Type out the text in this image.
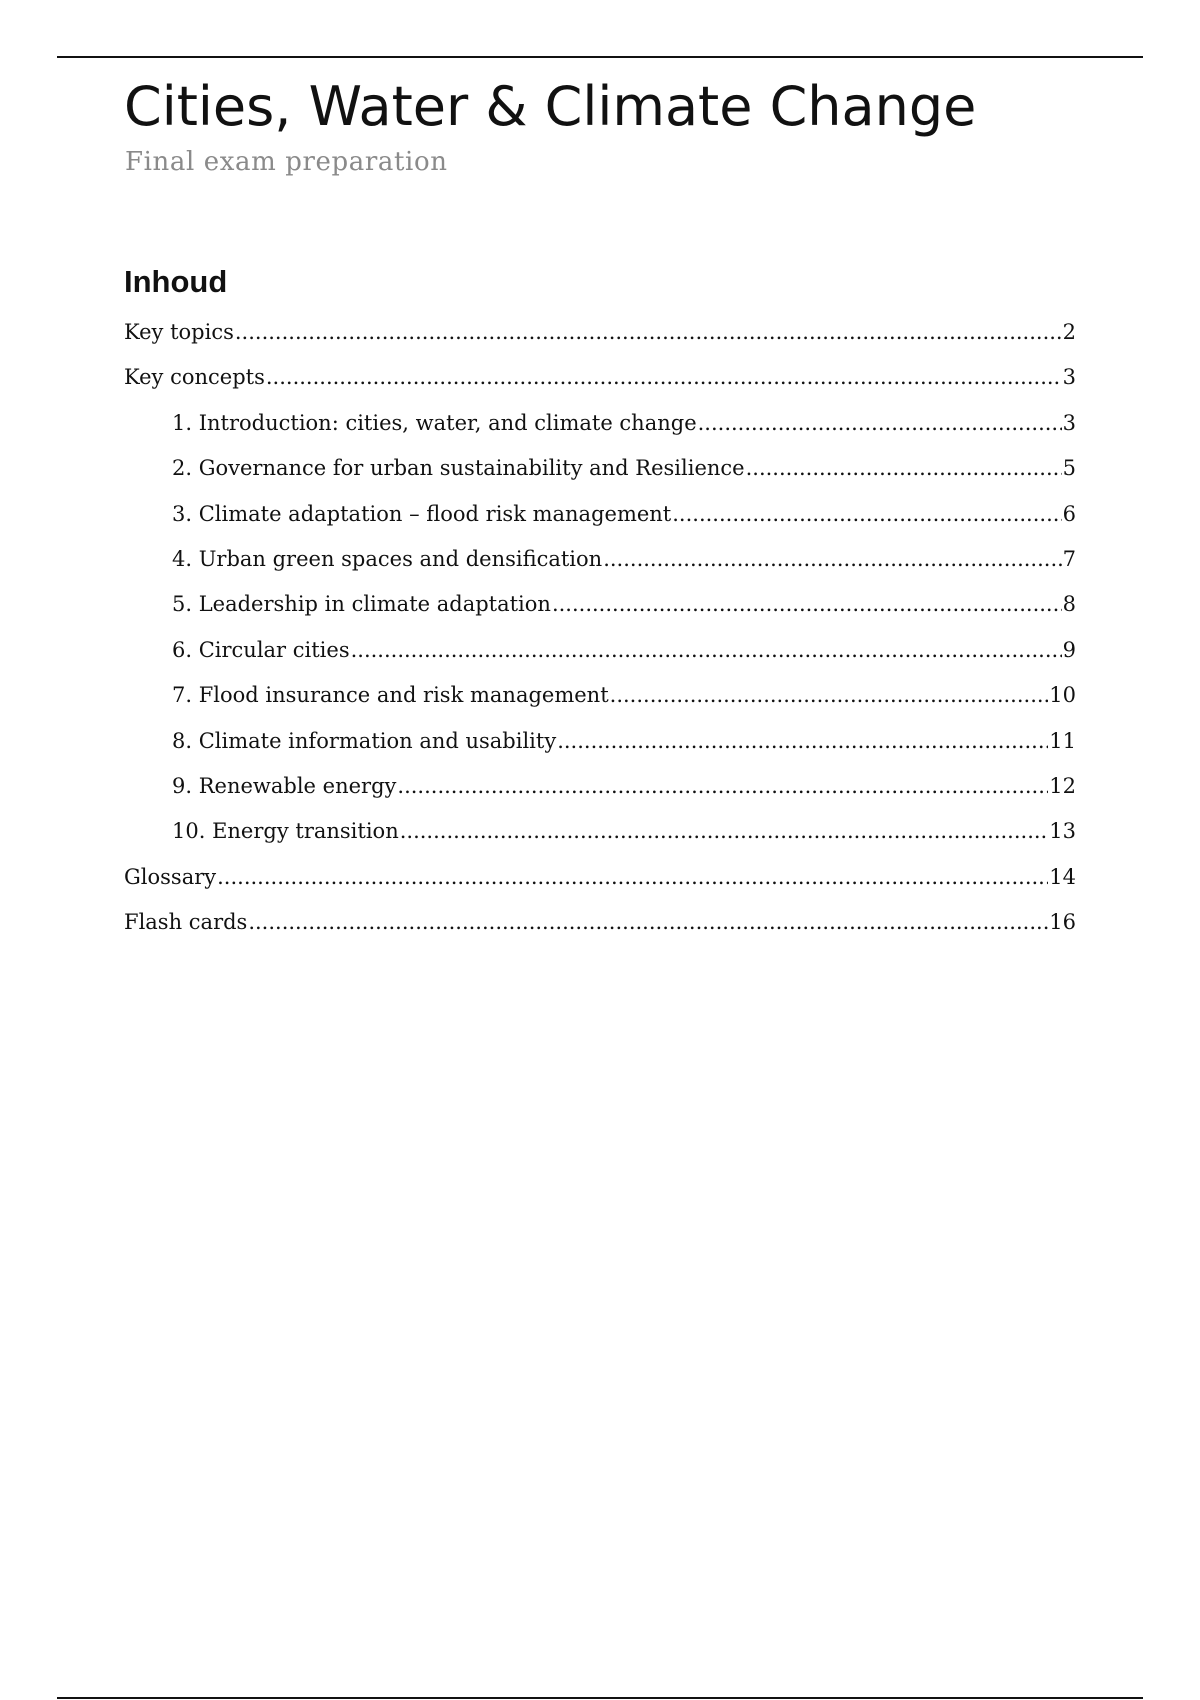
Cities, Water & Climate Change

Final exam preparation

Inhoud
Key topics .....	2
Key concepts .....	3
1. Introduction: cities, water, and climate change .....	3
2. Governance for urban sustainability and Resilience .....	5
3. Climate adaptation – flood risk management .....	6
4. Urban green spaces and densification .....	7
5. Leadership in climate adaptation .....	8
6. Circular cities .....	9
7. Flood insurance and risk management .....	10
8. Climate information and usability .....	11
9. Renewable energy .....	12
10. Energy transition .....	13
Glossary .....	14
Flash cards .....	16
